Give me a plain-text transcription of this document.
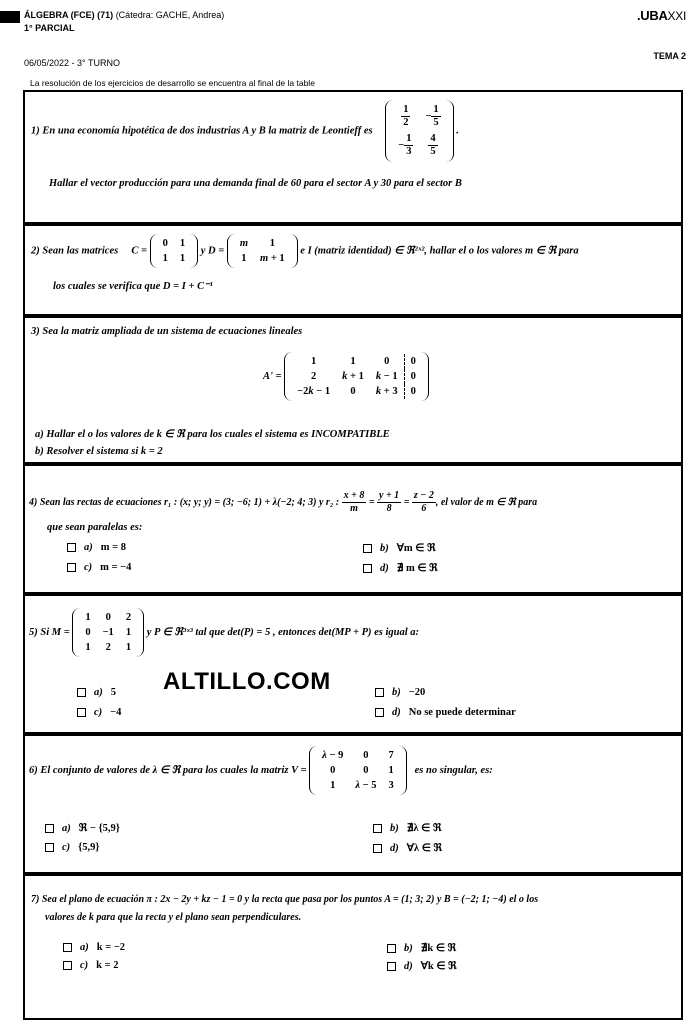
ÁLGEBRA (FCE) (71) (Cátedra: GACHE, Andrea)
1° PARCIAL
.UBAXXI
06/05/2022 - 3° TURNO
TEMA 2
La resolución de los ejercicios de desarrollo se encuentra al final de la table
1) En una economía hipotética de dos industrias A y B la matriz de Leontieff es
$\frac{1}{2}$	− $\frac{1}{5}$

− $\frac{1}{3}$	$\frac{4}{5}$
.
Hallar el vector producción para una demanda final de 60 para el sector A y 30 para el sector B
2) Sean las matrices C =
0	1
1	1
y D =
m	1
1	m + 1
e I (matriz identidad) ∈ ℜ²ˣ², hallar el o los valores m ∈ ℜ para
los cuales se verifica que D = I + C⁻¹
3) Sea la matriz ampliada de un sistema de ecuaciones lineales
A' =
1	1	0	0
2	k + 1	k − 1	0
−2k − 1	0	k + 3	0
a) Hallar el o los valores de k ∈ ℜ para los cuales el sistema es INCOMPATIBLE
b) Resolver el sistema si k = 2
4) Sean las rectas de ecuaciones r₁ : (x; y; y) = (3; −6; 1) + λ(−2; 4; 3) y r₂ : $\frac{x + 8}{m} = \frac{y + 1}{8} = \frac{z - 2}{6}$ , el valor de m ∈ ℜ para
que sean paralelas es:
a) m = 8	b) ∀m ∈ ℜ
c) m = −4	d) ∄ m ∈ ℜ
5) Si M =
1	0	2
0	−1	1
1	2	1
y P ∈ ℜ³ˣ³ tal que det(P) = 5 , entonces det(MP + P) es igual a:
a) 5	b) −20
c) −4	d) No se puede determinar
ALTILLO.COM
6) El conjunto de valores de λ ∈ ℜ para los cuales la matriz V =
λ − 9	0	7
0	0	1
1	λ − 5	3
es no singular, es:
a) ℜ − {5,9}	b) ∄λ ∈ ℜ
c) {5,9}	d) ∀λ ∈ ℜ
7) Sea el plano de ecuación π : 2x − 2y + kz − 1 = 0 y la recta que pasa por los puntos A = (1; 3; 2) y B = (−2; 1; −4) el o los
valores de k para que la recta y el plano sean perpendiculares.
a) k = −2	b) ∄k ∈ ℜ
c) k = 2	d) ∀k ∈ ℜ
